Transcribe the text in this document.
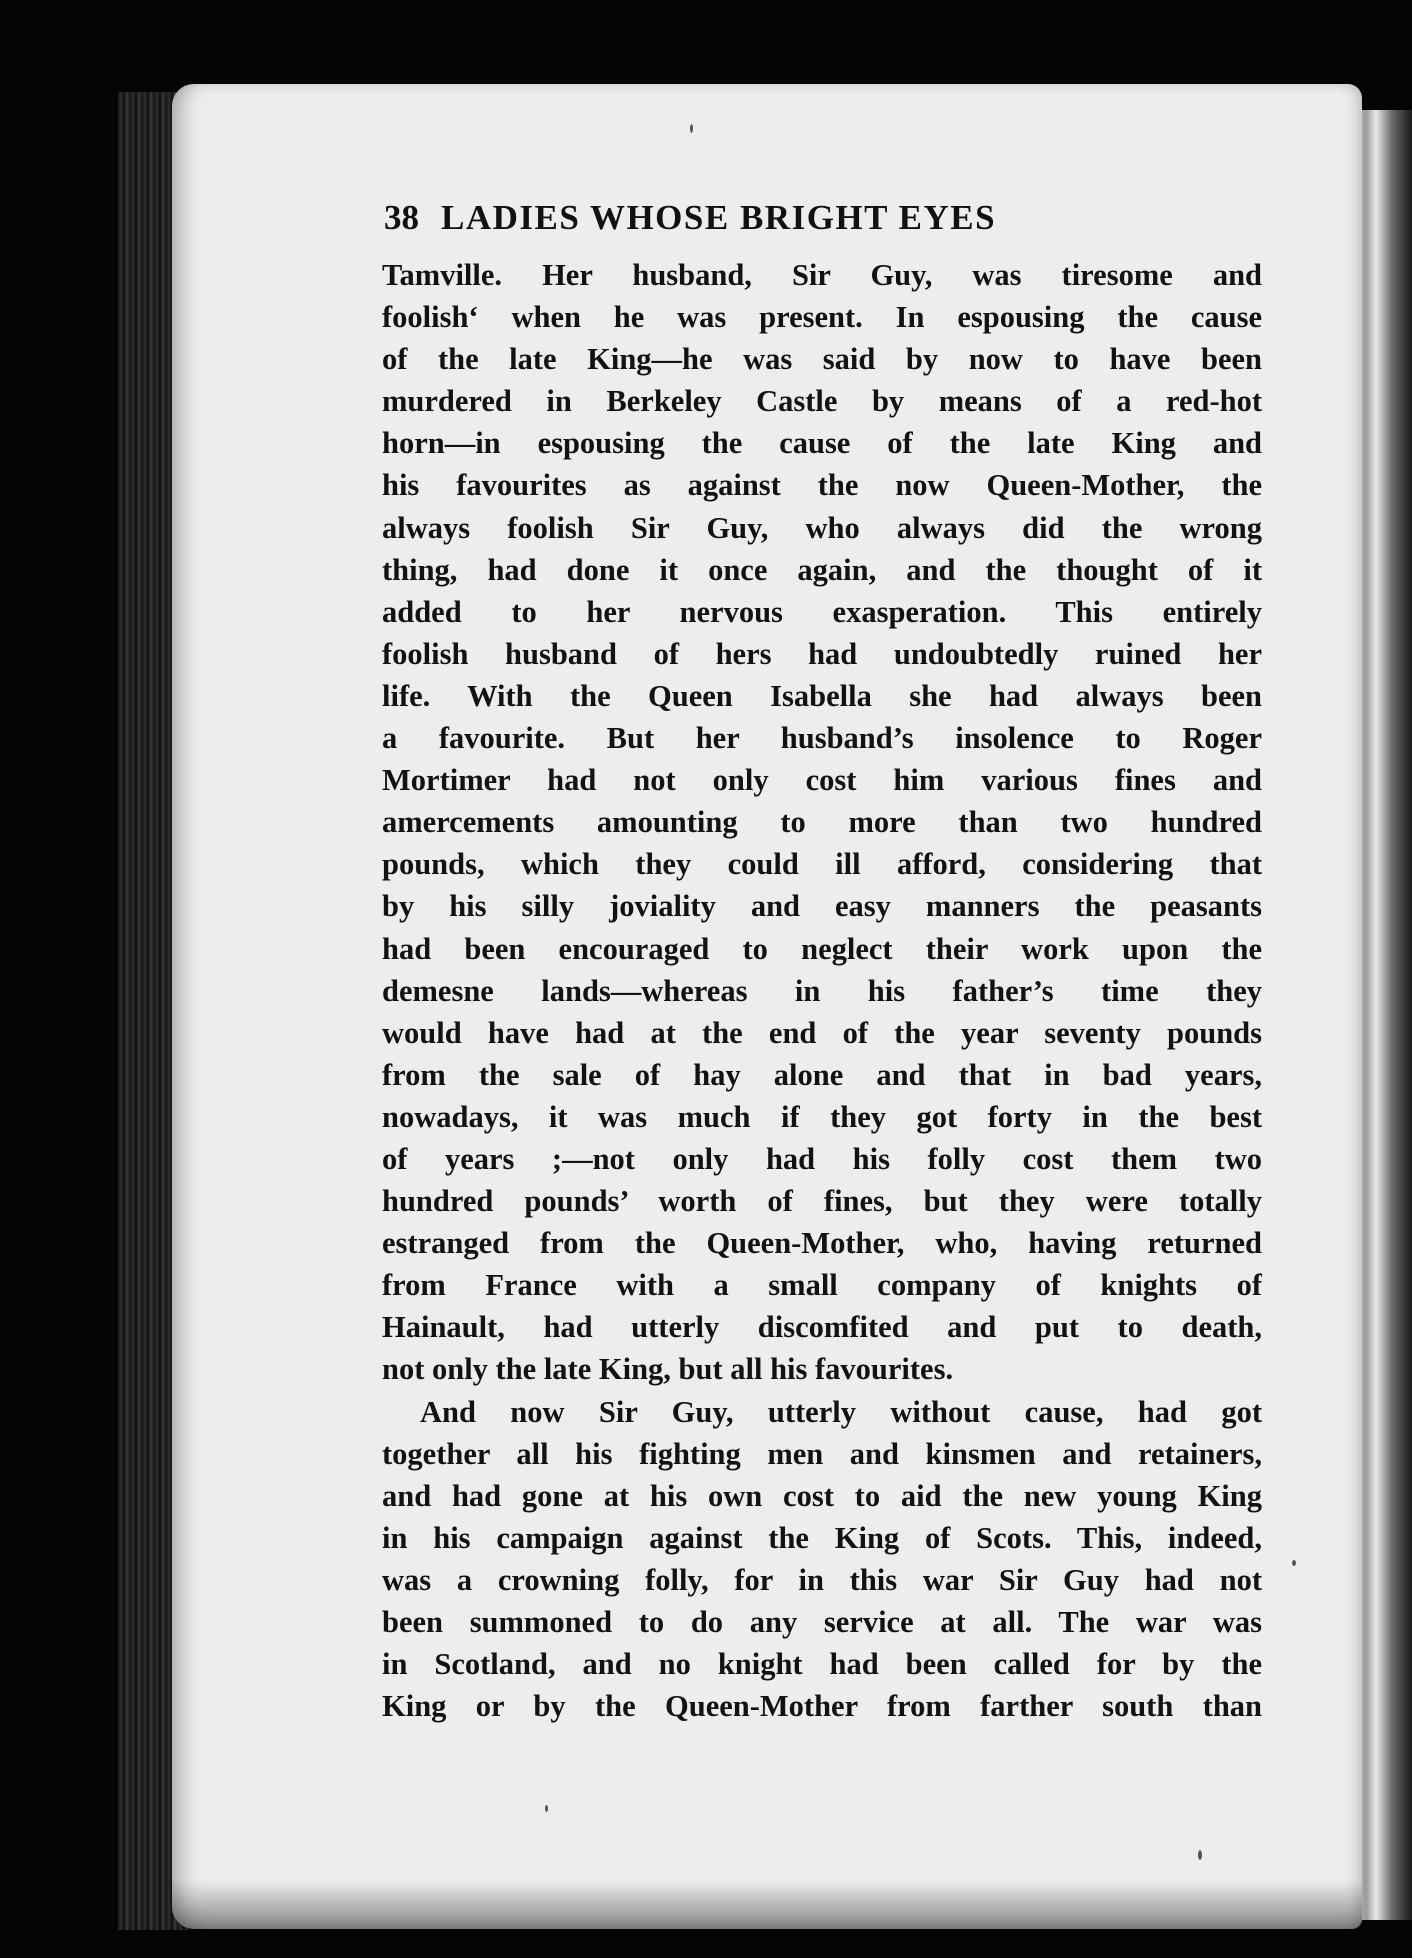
38 LADIES WHOSE BRIGHT EYES
Tamville. Her husband, Sir Guy, was tiresome and
foolish‘ when he was present. In espousing the cause
of the late King—he was said by now to have been
murdered in Berkeley Castle by means of a red-hot
horn—in espousing the cause of the late King and
his favourites as against the now Queen-Mother, the
always foolish Sir Guy, who always did the wrong
thing, had done it once again, and the thought of it
added to her nervous exasperation. This entirely
foolish husband of hers had undoubtedly ruined her
life. With the Queen Isabella she had always been
a favourite. But her husband’s insolence to Roger
Mortimer had not only cost him various fines and
amercements amounting to more than two hundred
pounds, which they could ill afford, considering that
by his silly joviality and easy manners the peasants
had been encouraged to neglect their work upon the
demesne lands—whereas in his father’s time they
would have had at the end of the year seventy pounds
from the sale of hay alone and that in bad years,
nowadays, it was much if they got forty in the best
of years ;—not only had his folly cost them two
hundred pounds’ worth of fines, but they were totally
estranged from the Queen-Mother, who, having returned
from France with a small company of knights of
Hainault, had utterly discomfited and put to death,
not only the late King, but all his favourites.
And now Sir Guy, utterly without cause, had got
together all his fighting men and kinsmen and retainers,
and had gone at his own cost to aid the new young King
in his campaign against the King of Scots. This, indeed,
was a crowning folly, for in this war Sir Guy had not
been summoned to do any service at all. The war was
in Scotland, and no knight had been called for by the
King or by the Queen-Mother from farther south than
